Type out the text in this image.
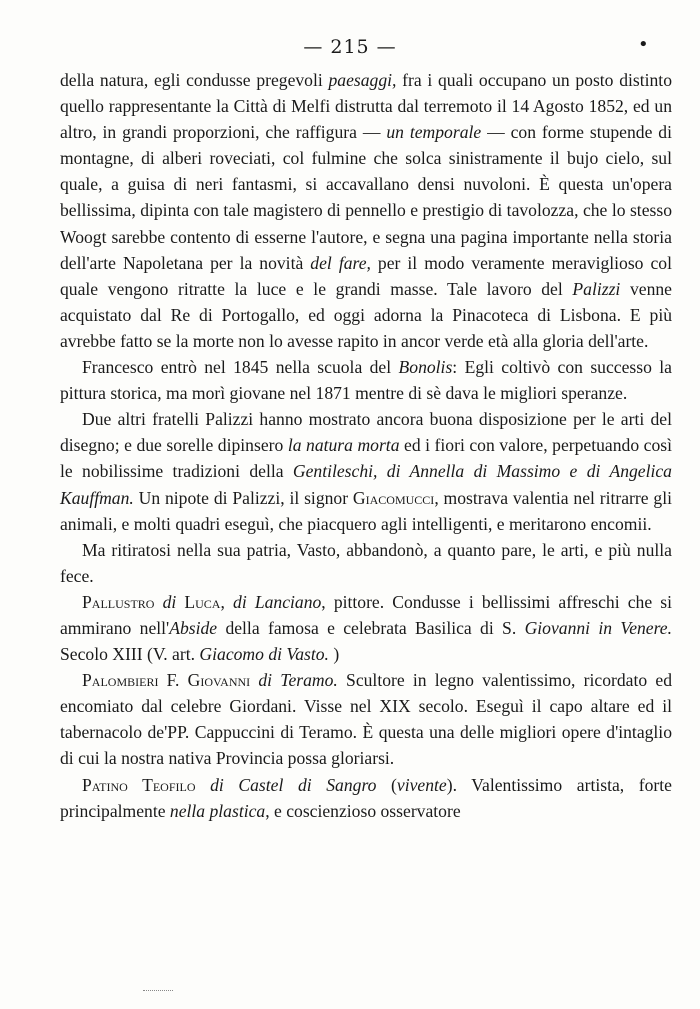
— 215 —	•

della natura, egli condusse pregevoli paesaggi, fra i quali occupano un posto distinto quello rappresentante la Città di Melfi distrutta dal terremoto il 14 Agosto 1852, ed un altro, in grandi proporzioni, che raffigura — un temporale — con forme stupende di montagne, di alberi roveciati, col fulmine che solca sinistramente il bujo cielo, sul quale, a guisa di neri fantasmi, si accavallano densi nuvoloni. È questa un'opera bellissima, dipinta con tale magistero di pennello e prestigio di tavolozza, che lo stesso Woogt sarebbe contento di esserne l'autore, e segna una pagina importante nella storia dell'arte Napoletana per la novità del fare, per il modo veramente meraviglioso col quale vengono ritratte la luce e le grandi masse. Tale lavoro del Palizzi venne acquistato dal Re di Portogallo, ed oggi adorna la Pinacoteca di Lisbona. E più avrebbe fatto se la morte non lo avesse rapito in ancor verde età alla gloria dell'arte.

Francesco entrò nel 1845 nella scuola del Bonolis: Egli coltivò con successo la pittura storica, ma morì giovane nel 1871 mentre di sè dava le migliori speranze.

Due altri fratelli Palizzi hanno mostrato ancora buona disposizione per le arti del disegno; e due sorelle dipinsero la natura morta ed i fiori con valore, perpetuando così le nobilissime tradizioni della Gentileschi, di Annella di Massimo e di Angelica Kauffman. Un nipote di Palizzi, il signor Giacomucci, mostrava valentia nel ritrarre gli animali, e molti quadri eseguì, che piacquero agli intelligenti, e meritarono encomii.

Ma ritiratosi nella sua patria, Vasto, abbandonò, a quanto pare, le arti, e più nulla fece.

Pallustro di Luca, di Lanciano, pittore. Condusse i bellissimi affreschi che si ammirano nell'Abside della famosa e celebrata Basilica di S. Giovanni in Venere. Secolo XIII (V. art. Giacomo di Vasto. )

Palombieri F. Giovanni di Teramo. Scultore in legno valentissimo, ricordato ed encomiato dal celebre Giordani. Visse nel XIX secolo. Eseguì il capo altare ed il tabernacolo de'PP. Cappuccini di Teramo. È questa una delle migliori opere d'intaglio di cui la nostra nativa Provincia possa gloriarsi.

Patino Teofilo di Castel di Sangro (vivente). Valentissimo artista, forte principalmente nella plastica, e coscienzioso osservatore
